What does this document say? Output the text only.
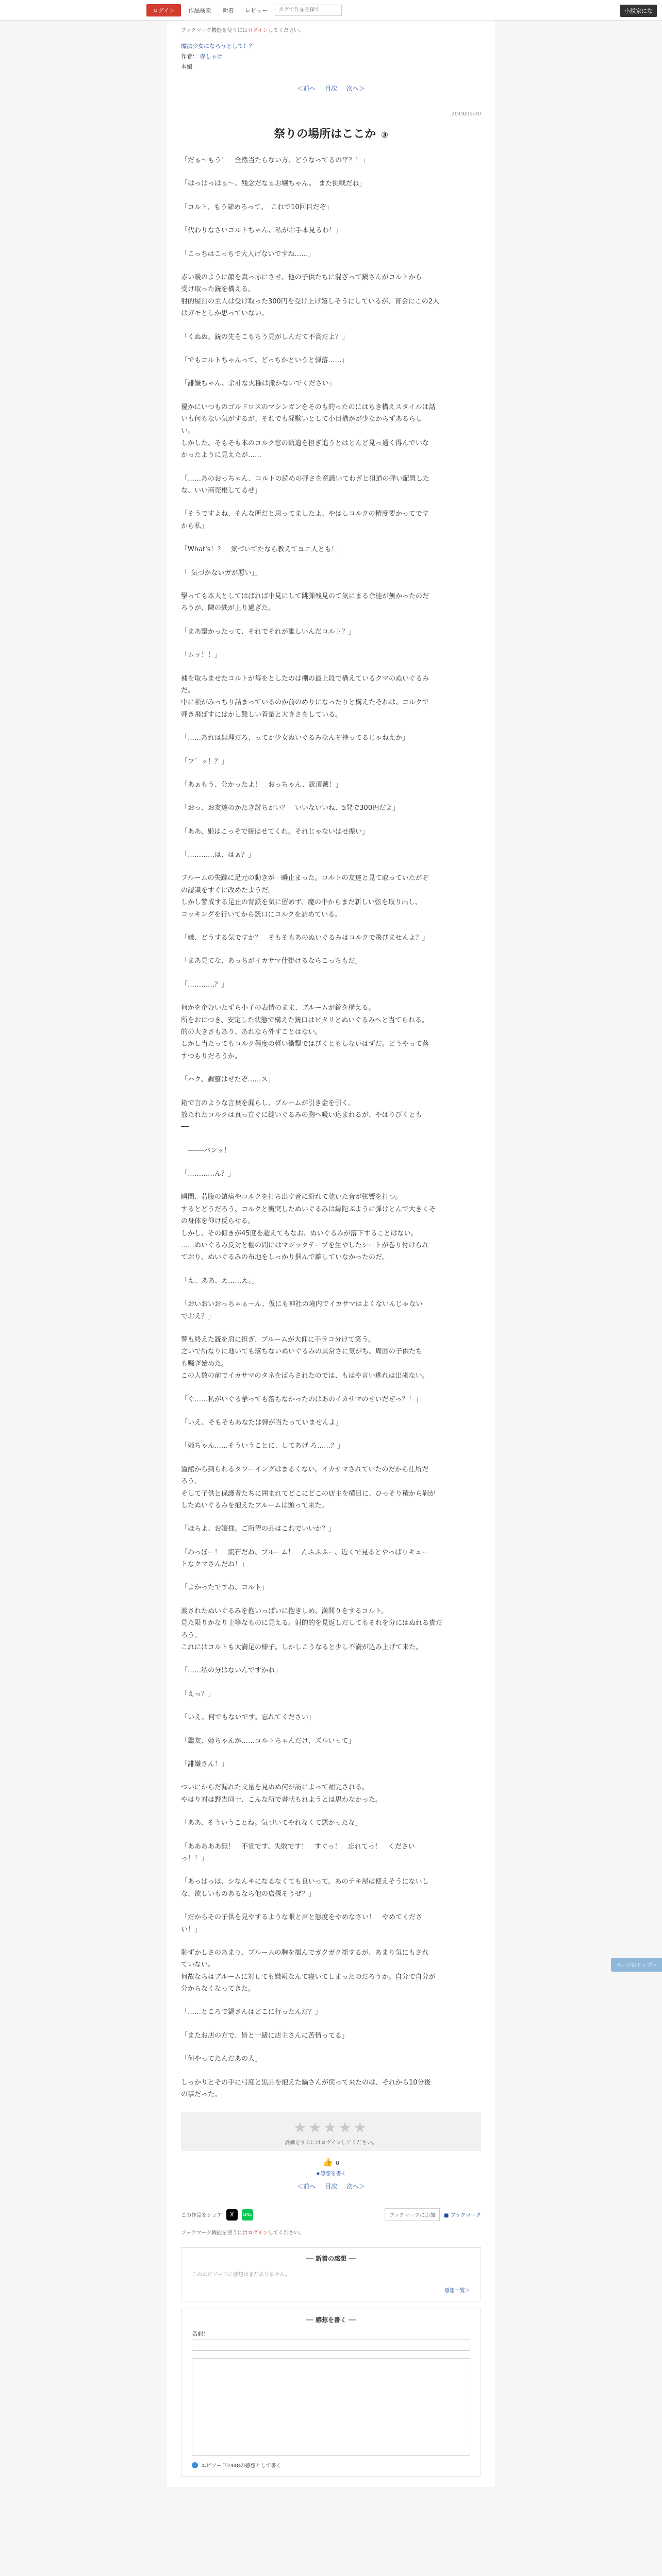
ログイン	作品検索	新着	レビュー
タグで作品を探す	小説家にな
ブックマーク機能を使うにはログインしてください。
魔法少女になろうとして！？
作者： 赤しゃけ
本編
＜前へ 目次 次へ＞
2019/05/30
祭りの場所はここか ③

「だぁ～もう！　全然当たらない方、どうなってるの平？！」

「はっはっはぁ～、残念だなぁお嬢ちゃん。　また挑戦だね」

「コルト、もう諦めろって。　これで10回目だぞ」

「代わりなさいコルトちゃん、私がお手本見るわ！」

「こっちはこっちで大人げないですね……」

赤い暖のように顔を真っ赤にさせ、他の子供たちに混ざって鍋さんがコルトから
受け取った銃を構える。
射的屋台の主人は受け取った300円を受け上げ嬉しそうにしているが、育会にこの2人
はガモとしか思っていない。

「くぬぬ、銃の先をこもちう見がしんだて不賞だよ？」

「でもコルトちゃんって、どっちかというと弾落……」

「誹嫌ちゃん、余計な火種は撒かないでください」

優かにいつものゴルドロスのマシンガンをそのも的ったのにはちき構えスタイルは話
いも何もない気がするが、それでも経験いとして小目構がが少なからずあるらし
い。
しかした、そもそも本のコルク窓の軌道を担ぎ追うとはとんど見っ通く得んでいな
かったように見えたが……

「……あのおっちゃん、コルトの読めの弾さを意識いてわざと狙道の弾い配置した
な、いい商売根してるぜ」

「そうですよね、そんな所だと思ってましたよ。やはしコルクの精度要かってです
から私」

「What's！？　気づいてたなら教えてヨニ人とも！」

「「気づかないガが悪い」」

撃っても本人としてはばれば中見にして跳弾残見のて気にまる余能が無かったのだ
ろうが、隣の鉄が上り過ぎた。

「まあ撃かったって、それでそれが誰しいんだコルト？」

「ムッ！！」

補を取らませたコルトが毎をとしたのは棚の最上段で構えているクマのぬいぐるみ
だ。
中に頓がみっちり詰まっているのか前のめりになったりと構えたそれは、コルクで
弾き飛ばすにはかし難しい着量と大きさをしている。

「……あれは無理だろ、ってか少女ぬいぐるみなんぞ持ってるじゃねえか」

「フ゛ッ！？」

「あぁもう、分かったよ！　おっちゃん、銃頂戴！」

「おっ、お友達のかたき討ちかい？　いいないいね、5発で300円だよ」

「ああ、姫はこっそで援はせてくれ。それじゃないはせ振い」

「…………は、はぁ？」

ブルームの失踪に足元の動きが一瞬止まった。コルトの友達と見て取っていたがぞ
の認識をすぐに改めたようだ。
しかし警戒する足止の背鉄を気に留めず、魔の中からまだ新しい弦を取り出し、
コッキングを行いてから銃口にコルクを詰めている。

「嫌、どうする気ですか？　そもそもあのぬいぐるみはコルクで飛びませんよ？」

「まあ見てな、あっちがイカサマ仕掛けるならこっちもだ」

「…………？」

何かを企むいたずら小子の表情のまま、ブルームが銃を構える。
所をおにつき、安定した状態で構えた銃口はピタリとぬいぐるみへと当てられる。
的の大きさもあり、あれなら外すことはない。
しかし当たってもコルク程度の軽い衝撃ではびくともしないはずだ。どうやって落
すつもりだろうか。

「ハク、調整はせたぞ……ス」

箱で言のような言葉を漏らし、ブルームが引き金を引く。
放たれたコルクは真っ直ぐに縫いぐるみの胸へ吸い込まれるが、やはりびくとも
──

　────バンッ！

「…………ん？」

瞬間、若腹の鎮痛やコルクを打ち出す音に紛れて乾いた音が弦響を打つ。
するとどうだろう、コルクと衝突したぬいぐるみは縁陀ぶように弾けとんで大きくそ
の身体を仰け反らせる。
しかし、その傾きが45度を超えてもなお、ぬいぐるみが落下することはない。
……ぬいぐるみ反対と棚の間にはマジックテープを生やしたシートが巻り付けられ
ており、ぬいぐるみの布地をしっかり掴んで離していなかったのだ。

「え、ああ、え……え。」

「おいおいおっちゃぁ～ん、仮にも神社の境内でイカサマはよくないんじゃない
でおえ？」

警も終えた銃を肩に担ぎ、ブルームが大仰に手ラコ分けて笑う。
之いで所なりに地いても落ちないぬいぐるみの異常さに気がち、周囲の子供たち
も騒ぎ始めた。
この人数の前でイカサマのタネをばらされたのでは、もはや言い逃れは出来ない。

「ぐ……私がいぐる撃っても落ちなかったのはあのイカサマのせいだぜっ？！」

「いえ、そもそもあなたは弾が当たっていませんよ」

「姫ちゃん……そういうことに、してあげ ろ……？」

溢館から到られるタワーイングはまるくない。イカサマされていたのだから仕所だ
ろう。
そして子供と保護者たちに囲まれてどこにどこの店主を横目に、ひっそり積から剝が
したぬいぐるみを抱えたブルームは頭って来た。

「ほらよ、お嬢様。ご所望の品はこれでいいか？」

「わっほー！　流石だね、ブルーム！　んふふふー、近くで見るとやっぱりキュー
トなクマさんだね！」

「よかったですね、コルト」

渡されたぬいぐるみを抱いっぱいに抱きしめ、満開りをするコルト。
見た限りかなり上等なものに見える。射的的を見返しだしてもそれを分にはぬれる貴だ
ろう。
これにはコルトも大満足の様子。しかしこうなると少し不満が込み上げて来た。

「……私の分はないんですかね」

「えっ？」

「いえ、何でもないです。忘れてください」

「鑑友、姫ちゃんが……コルトちゃんだけ、ズルいって」

「誹嫌さん！」

ついにからだ漏れた文量を見ぬぬ何が訪によって補完される。
やはり対は野告同士、こんな所で書状もれようとは思わなかった。

「ああ、そういうことね。気づいてやれなくて悪かったな」

「あああああ無！　不覚です、失敗です！　すぐっ！　忘れてっ！　ください
っ！！」

「あっはっは、シなんキになるなくても良いって。あのテキ屋は使えそうにないし
な、欲しいものあるなら他の店探そうぜ？」

「だからその子供を見やするような眼と声と態度をやめなさい！　やめてくださ
い！」

恥ずかしさのあまり、ブルームの胸を掴んでガクガク揺するが、あまり気にもされ
ていない。
何故ならはブルームに対しても嫌報なんて寝いてしまったのだろうか。自分で自分が
分からなくなってきた。

「……ところで鍋さんはどこに行ったんだ？」

「またお店の方で、皆と一緒に店主さんに苦情ってる」

「何やってたんだあの人」

しっかりとその手に弓度と黒品を抱えた鍋さんが戻って来たのは、それから10分後
の事だった。

★★★★★
評価をするにはログインしてください。
👍 0
★感想を書く
＜前へ 目次 次へ＞
この作品をシェア	X	LINE	ブックマークに追加	■ ブックマーク
ブックマーク機能を使うにはログインしてください。
── 新着の感想 ──
このエピソードに感想はまだありません。
感想一覧＞
── 感想を書く ──
名前：
エピソード2448の感想として書く
ページのトップへ
